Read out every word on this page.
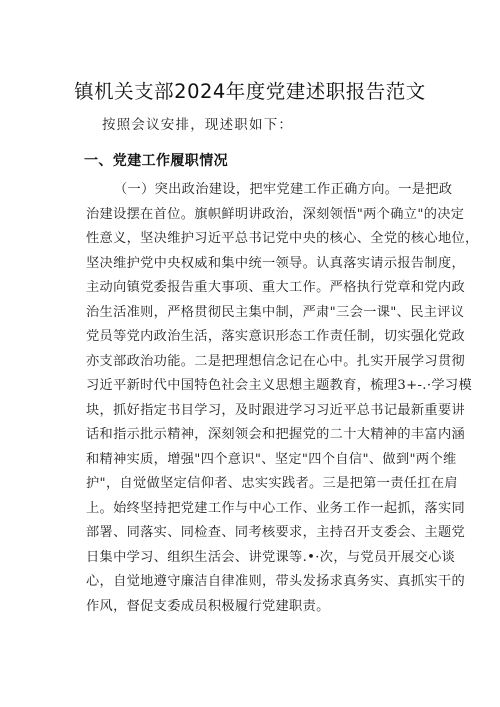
镇机关支部2024年度党建述职报告范文
按照会议安排，现述职如下：
一、党建工作履职情况
（一）突出政治建设，把牢党建工作正确方向。一是把政
治建设摆在首位。旗帜鲜明讲政治，深刻领悟"两个确立"的决定
性意义，坚决维护习近平总书记党中央的核心、全党的核心地位，
坚决维护党中央权威和集中统一领导。认真落实请示报告制度，
主动向镇党委报告重大事项、重大工作。严格执行党章和党内政
治生活准则，严格贯彻民主集中制，严肃"三会一课"、民主评议
党员等党内政治生活，落实意识形态工作责任制，切实强化党政
亦支部政治功能。二是把理想信念记在心中。扎实开展学习贯彻
习近平新时代中国特色社会主义思想主题教育，梳理3+-.·学习模
块，抓好指定书目学习，及时跟进学习习近平总书记最新重要讲
话和指示批示精神，深刻领会和把握党的二十大精神的丰富内涵
和精神实质，增强"四个意识"、坚定"四个自信"、做到"两个维
护"，自觉做坚定信仰者、忠实实践者。三是把第一责任扛在肩
上。始终坚持把党建工作与中心工作、业务工作一起抓，落实同
部署、同落实、同检查、同考核要求，主持召开支委会、主题党
日集中学习、组织生活会、讲党课等.•·次，与党员开展交心谈
心，自觉地遵守廉洁自律准则，带头发扬求真务实、真抓实干的
作风，督促支委成员积极履行党建职责。
